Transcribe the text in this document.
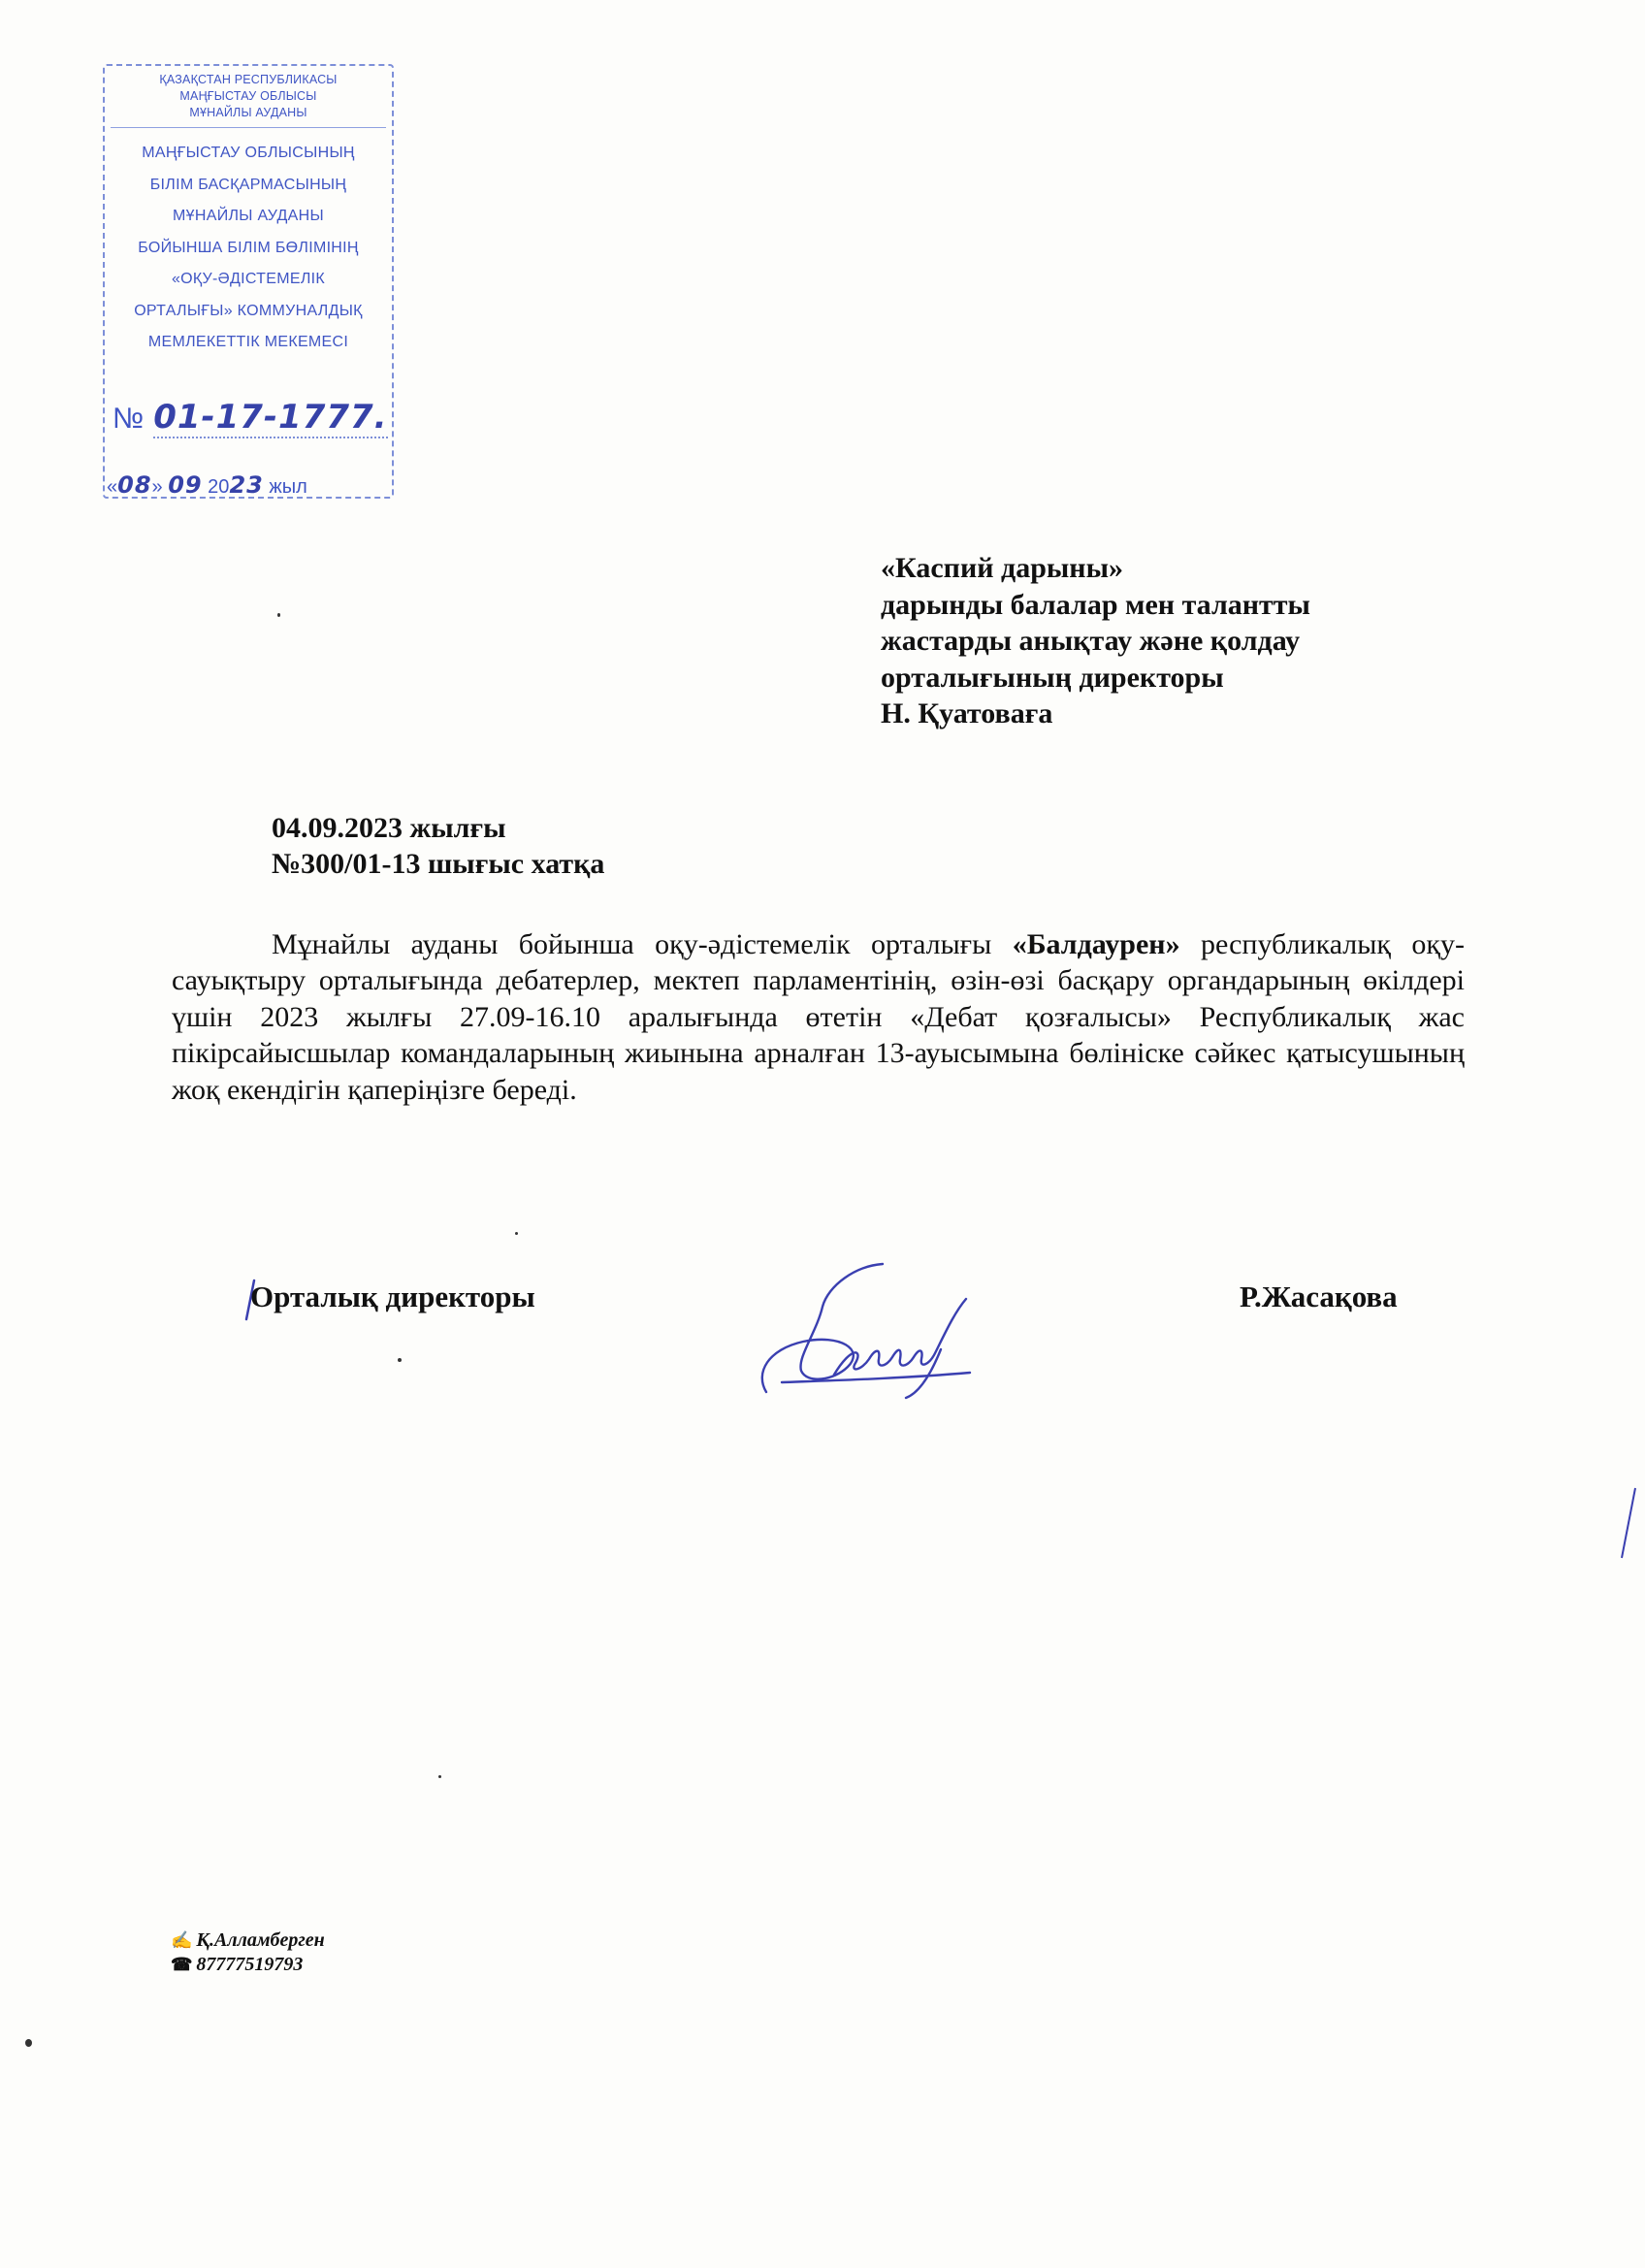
ҚАЗАҚСТАН РЕСПУБЛИКАСЫ
МАҢҒЫСТАУ ОБЛЫСЫ
МҰНАЙЛЫ АУДАНЫ
МАҢҒЫСТАУ ОБЛЫСЫНЫҢ
БІЛІМ БАСҚАРМАСЫНЫҢ
МҰНАЙЛЫ АУДАНЫ
БОЙЫНША БІЛІМ БӨЛІМІНІҢ
«ОҚУ-ӘДІСТЕМЕЛІК
ОРТАЛЫҒЫ» КОММУНАЛДЫҚ
МЕМЛЕКЕТТІК МЕКЕМЕСІ
№ 01-17-1777.
«08» 09 2023 жыл
«Каспий дарыны»
дарынды балалар мен талантты
жастарды анықтау және қолдау
орталығының директоры
Н. Қуатоваға
04.09.2023 жылғы
№300/01-13 шығыс хатқа
Мұнайлы ауданы бойынша оқу-әдістемелік орталығы «Балдаурен» республикалық оқу-сауықтыру орталығында дебатерлер, мектеп парламентінің, өзін-өзі басқару органдарының өкілдері үшін 2023 жылғы 27.09-16.10 аралығында өтетін «Дебат қозғалысы» Республикалық жас пікірсайысшылар командаларының жиынына арналған 13-ауысымына бөлініске сәйкес қатысушының жоқ екендігін қаперіңізге береді.
Орталық директоры	Р.Жасақова
✍ Қ.Алламберген
☎ 87777519793
